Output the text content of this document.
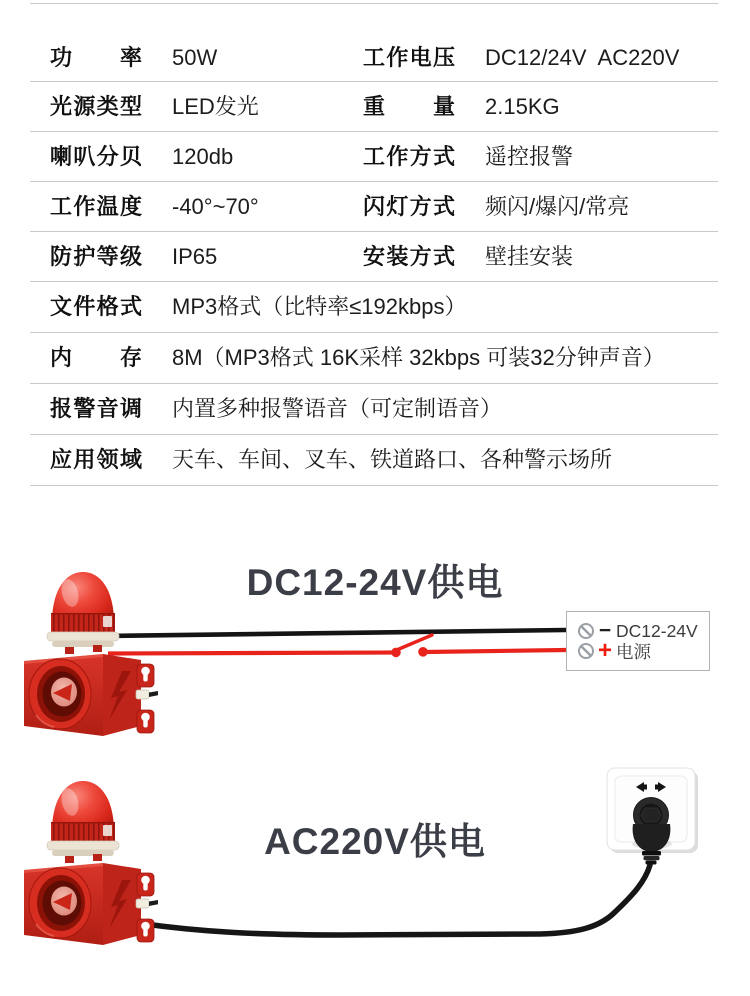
功率 50W	工作电压 DC12/24V  AC220V
光源类型 LED发光	重量 2.15KG
喇叭分贝 120db	工作方式 遥控报警
工作温度 -40°~70°	闪灯方式 频闪/爆闪/常亮
防护等级 IP65	安装方式 壁挂安装
文件格式 MP3格式（比特率≤192kbps）
内存 8M（MP3格式 16K采样 32kbps 可装32分钟声音）
报警音调 内置多种报警语音（可定制语音）
应用领域 天车、车间、叉车、铁道路口、各种警示场所
DC12-24V供电
− DC12-24V
+ 电源
AC220V供电
